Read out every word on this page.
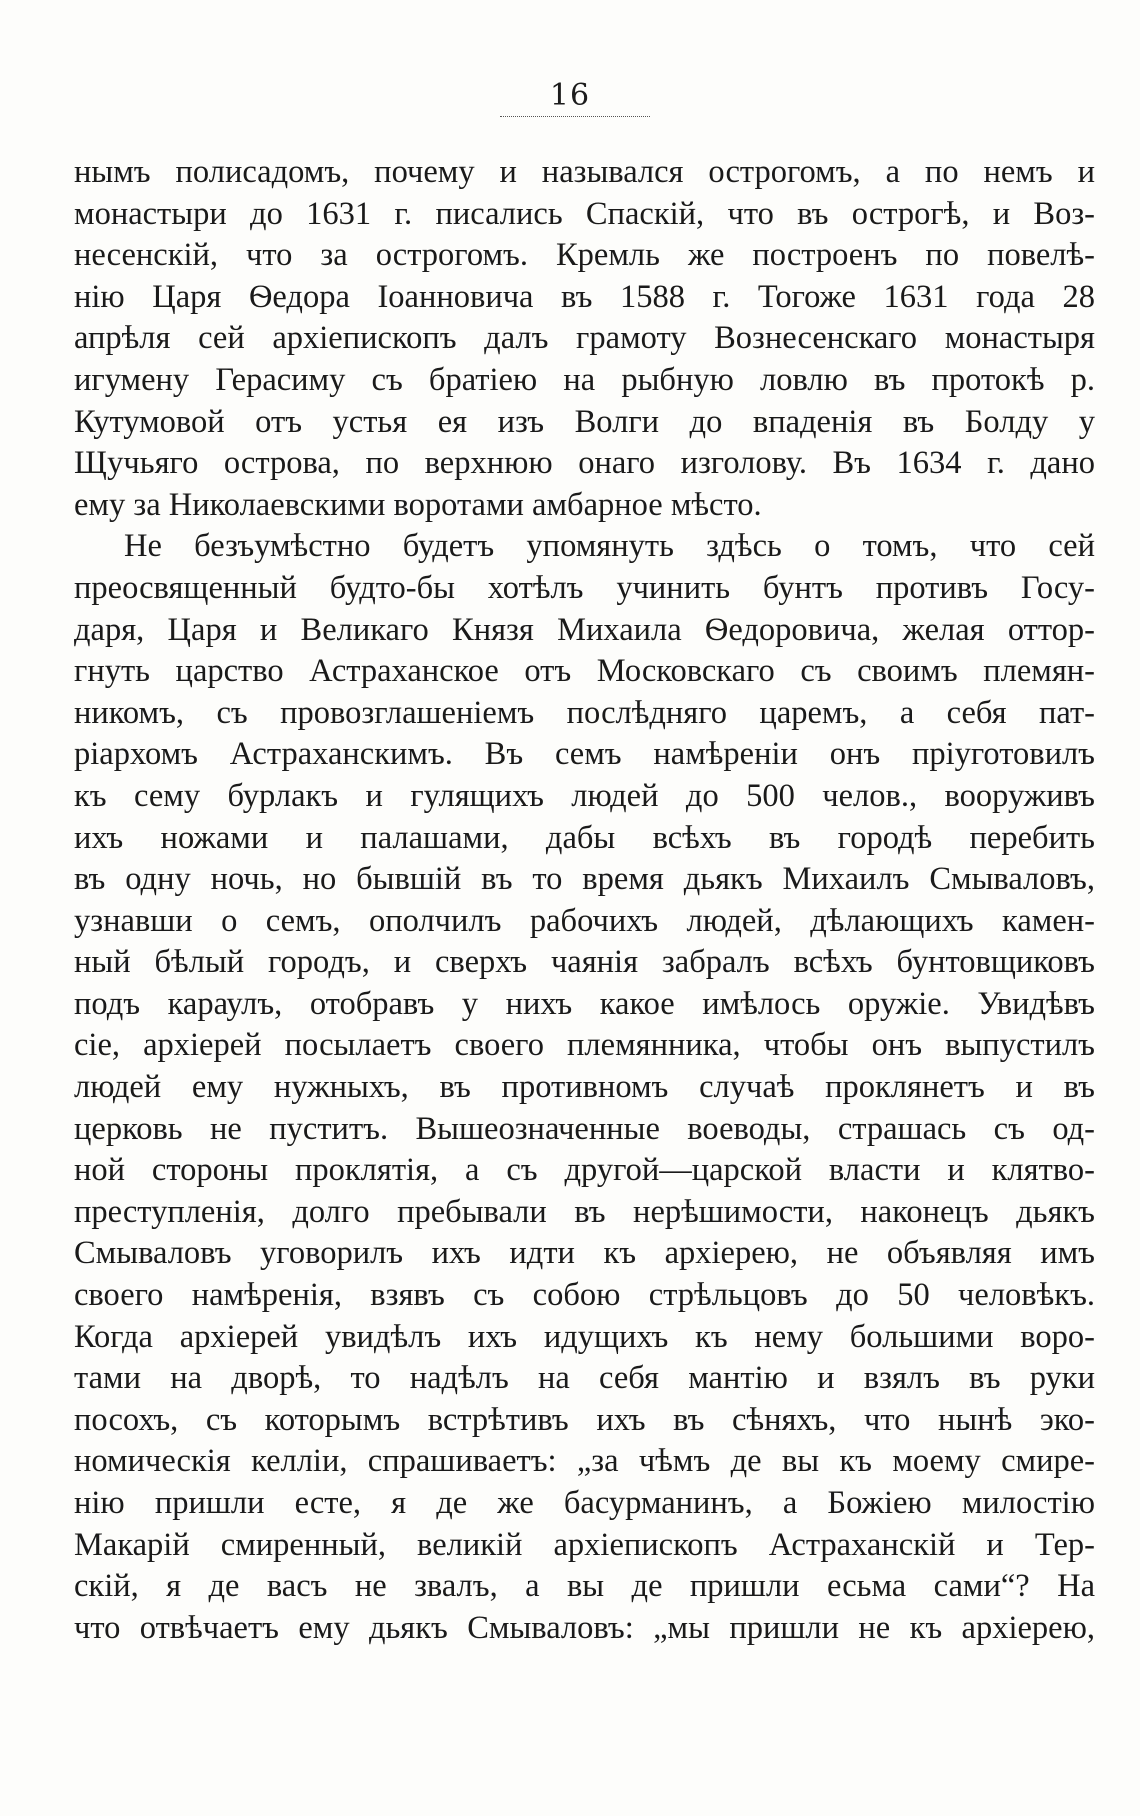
16
нымъ полисадомъ, почему и назывался острогомъ, а по немъ и
монастыри до 1631 г. писались Спаскій, что въ острогѣ, и Воз-
несенскій, что за острогомъ. Кремль же построенъ по повелѣ-
нію Царя Ѳедора Іоанновича въ 1588 г. Тогоже 1631 года 28
апрѣля сей архіепископъ далъ грамоту Вознесенскаго монастыря
игумену Герасиму съ братіею на рыбную ловлю въ протокѣ р.
Кутумовой отъ устья ея изъ Волги до впаденія въ Болду у
Щучьяго острова, по верхнюю онаго изголову. Въ 1634 г. дано
ему за Николаевскими воротами амбарное мѣсто.
Не безъумѣстно будетъ упомянуть здѣсь о томъ, что сей
преосвященный будто-бы хотѣлъ учинить бунтъ противъ Госу-
даря, Царя и Великаго Князя Михаила Ѳедоровича, желая оттор-
гнуть царство Астраханское отъ Московскаго съ своимъ племян-
никомъ, съ провозглашеніемъ послѣдняго царемъ, а себя пат-
ріархомъ Астраханскимъ. Въ семъ намѣреніи онъ пріуготовилъ
къ сему бурлакъ и гулящихъ людей до 500 челов., вооруживъ
ихъ ножами и палашами, дабы всѣхъ въ городѣ перебить
въ одну ночь, но бывшій въ то время дьякъ Михаилъ Смываловъ,
узнавши о семъ, ополчилъ рабочихъ людей, дѣлающихъ камен-
ный бѣлый городъ, и сверхъ чаянія забралъ всѣхъ бунтовщиковъ
подъ караулъ, отобравъ у нихъ какое имѣлось оружіе. Увидѣвъ
сіе, архіерей посылаетъ своего племянника, чтобы онъ выпустилъ
людей ему нужныхъ, въ противномъ случаѣ проклянетъ и въ
церковь не пуститъ. Вышеозначенные воеводы, страшась съ од-
ной стороны проклятія, а съ другой—царской власти и клятво-
преступленія, долго пребывали въ нерѣшимости, наконецъ дьякъ
Смываловъ уговорилъ ихъ идти къ архіерею, не объявляя имъ
своего намѣренія, взявъ съ собою стрѣльцовъ до 50 человѣкъ.
Когда архіерей увидѣлъ ихъ идущихъ къ нему большими воро-
тами на дворѣ, то надѣлъ на себя мантію и взялъ въ руки
посохъ, съ которымъ встрѣтивъ ихъ въ сѣняхъ, что нынѣ эко-
номическія келліи, спрашиваетъ: „за чѣмъ де вы къ моему смире-
нію пришли есте, я де же басурманинъ, а Божіею милостію
Макарій смиренный, великій архіепископъ Астраханскій и Тер-
скій, я де васъ не звалъ, а вы де пришли есьма сами“? На
что отвѣчаетъ ему дьякъ Смываловъ: „мы пришли не къ архіерею,
